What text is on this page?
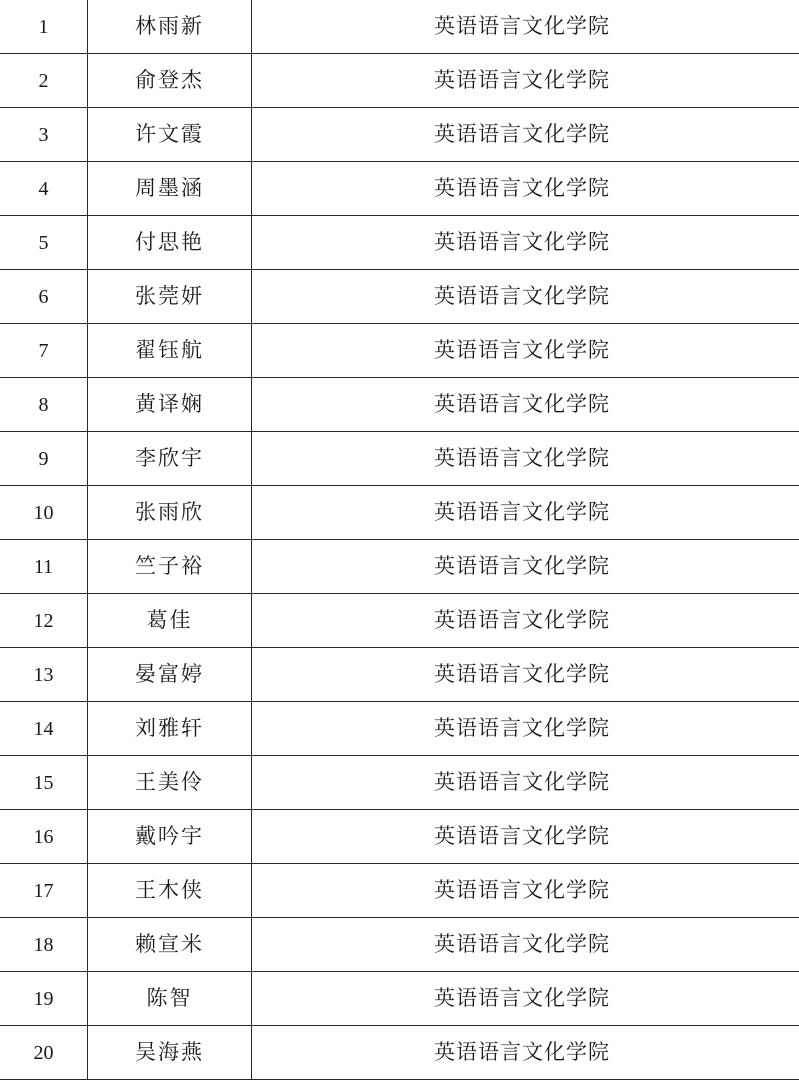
1	林雨新	英语语言文化学院
2	俞登杰	英语语言文化学院
3	许文霞	英语语言文化学院
4	周墨涵	英语语言文化学院
5	付思艳	英语语言文化学院
6	张莞妍	英语语言文化学院
7	翟钰航	英语语言文化学院
8	黄译娴	英语语言文化学院
9	李欣宇	英语语言文化学院
10	张雨欣	英语语言文化学院
11	竺子裕	英语语言文化学院
12	葛佳	英语语言文化学院
13	晏富婷	英语语言文化学院
14	刘雅轩	英语语言文化学院
15	王美伶	英语语言文化学院
16	戴吟宇	英语语言文化学院
17	王木侠	英语语言文化学院
18	赖宣米	英语语言文化学院
19	陈智	英语语言文化学院
20	吴海燕	英语语言文化学院
